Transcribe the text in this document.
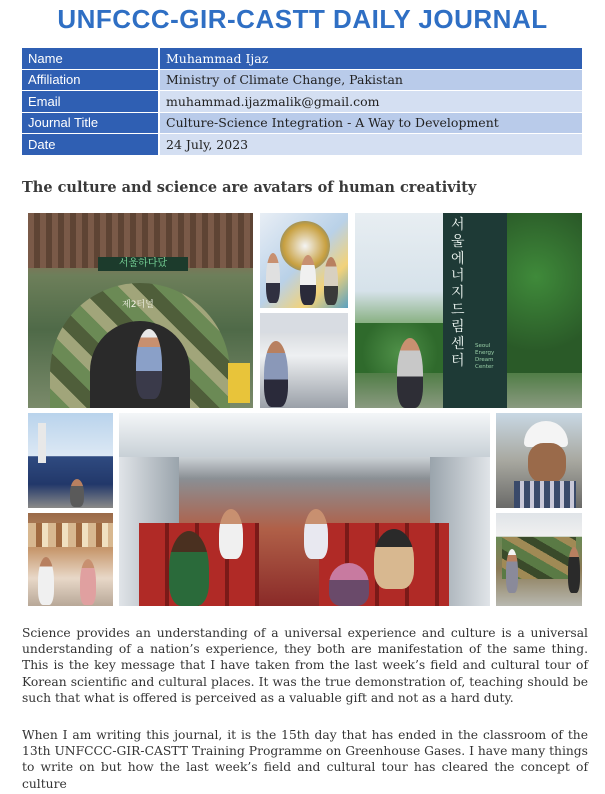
UNFCCC-GIR-CASTT DAILY JOURNAL
Name	Muhammad Ijaz
Affiliation	Ministry of Climate Change, Pakistan
Email	muhammad.ijazmalik@gmail.com
Journal Title	Culture-Science Integration - A Way to Development
Date	24 July, 2023
The culture and science are avatars of human creativity
서울하다닸
제2터널
서울에너지드림센터
Seoul Energy Dream Center
Science provides an understanding of a universal experience and culture is a universal understanding of a nation’s experience, they both are manifestation of the same thing. This is the key message that I have taken from the last week’s field and cultural tour of Korean scientific and cultural places. It was the true demonstration of, teaching should be such that what is offered is perceived as a valuable gift and not as a hard duty.
When I am writing this journal, it is the 15th day that has ended in the classroom of the 13th UNFCCC-GIR-CASTT Training Programme on Greenhouse Gases. I have many things to write on but how the last week’s field and cultural tour has cleared the concept of culture
